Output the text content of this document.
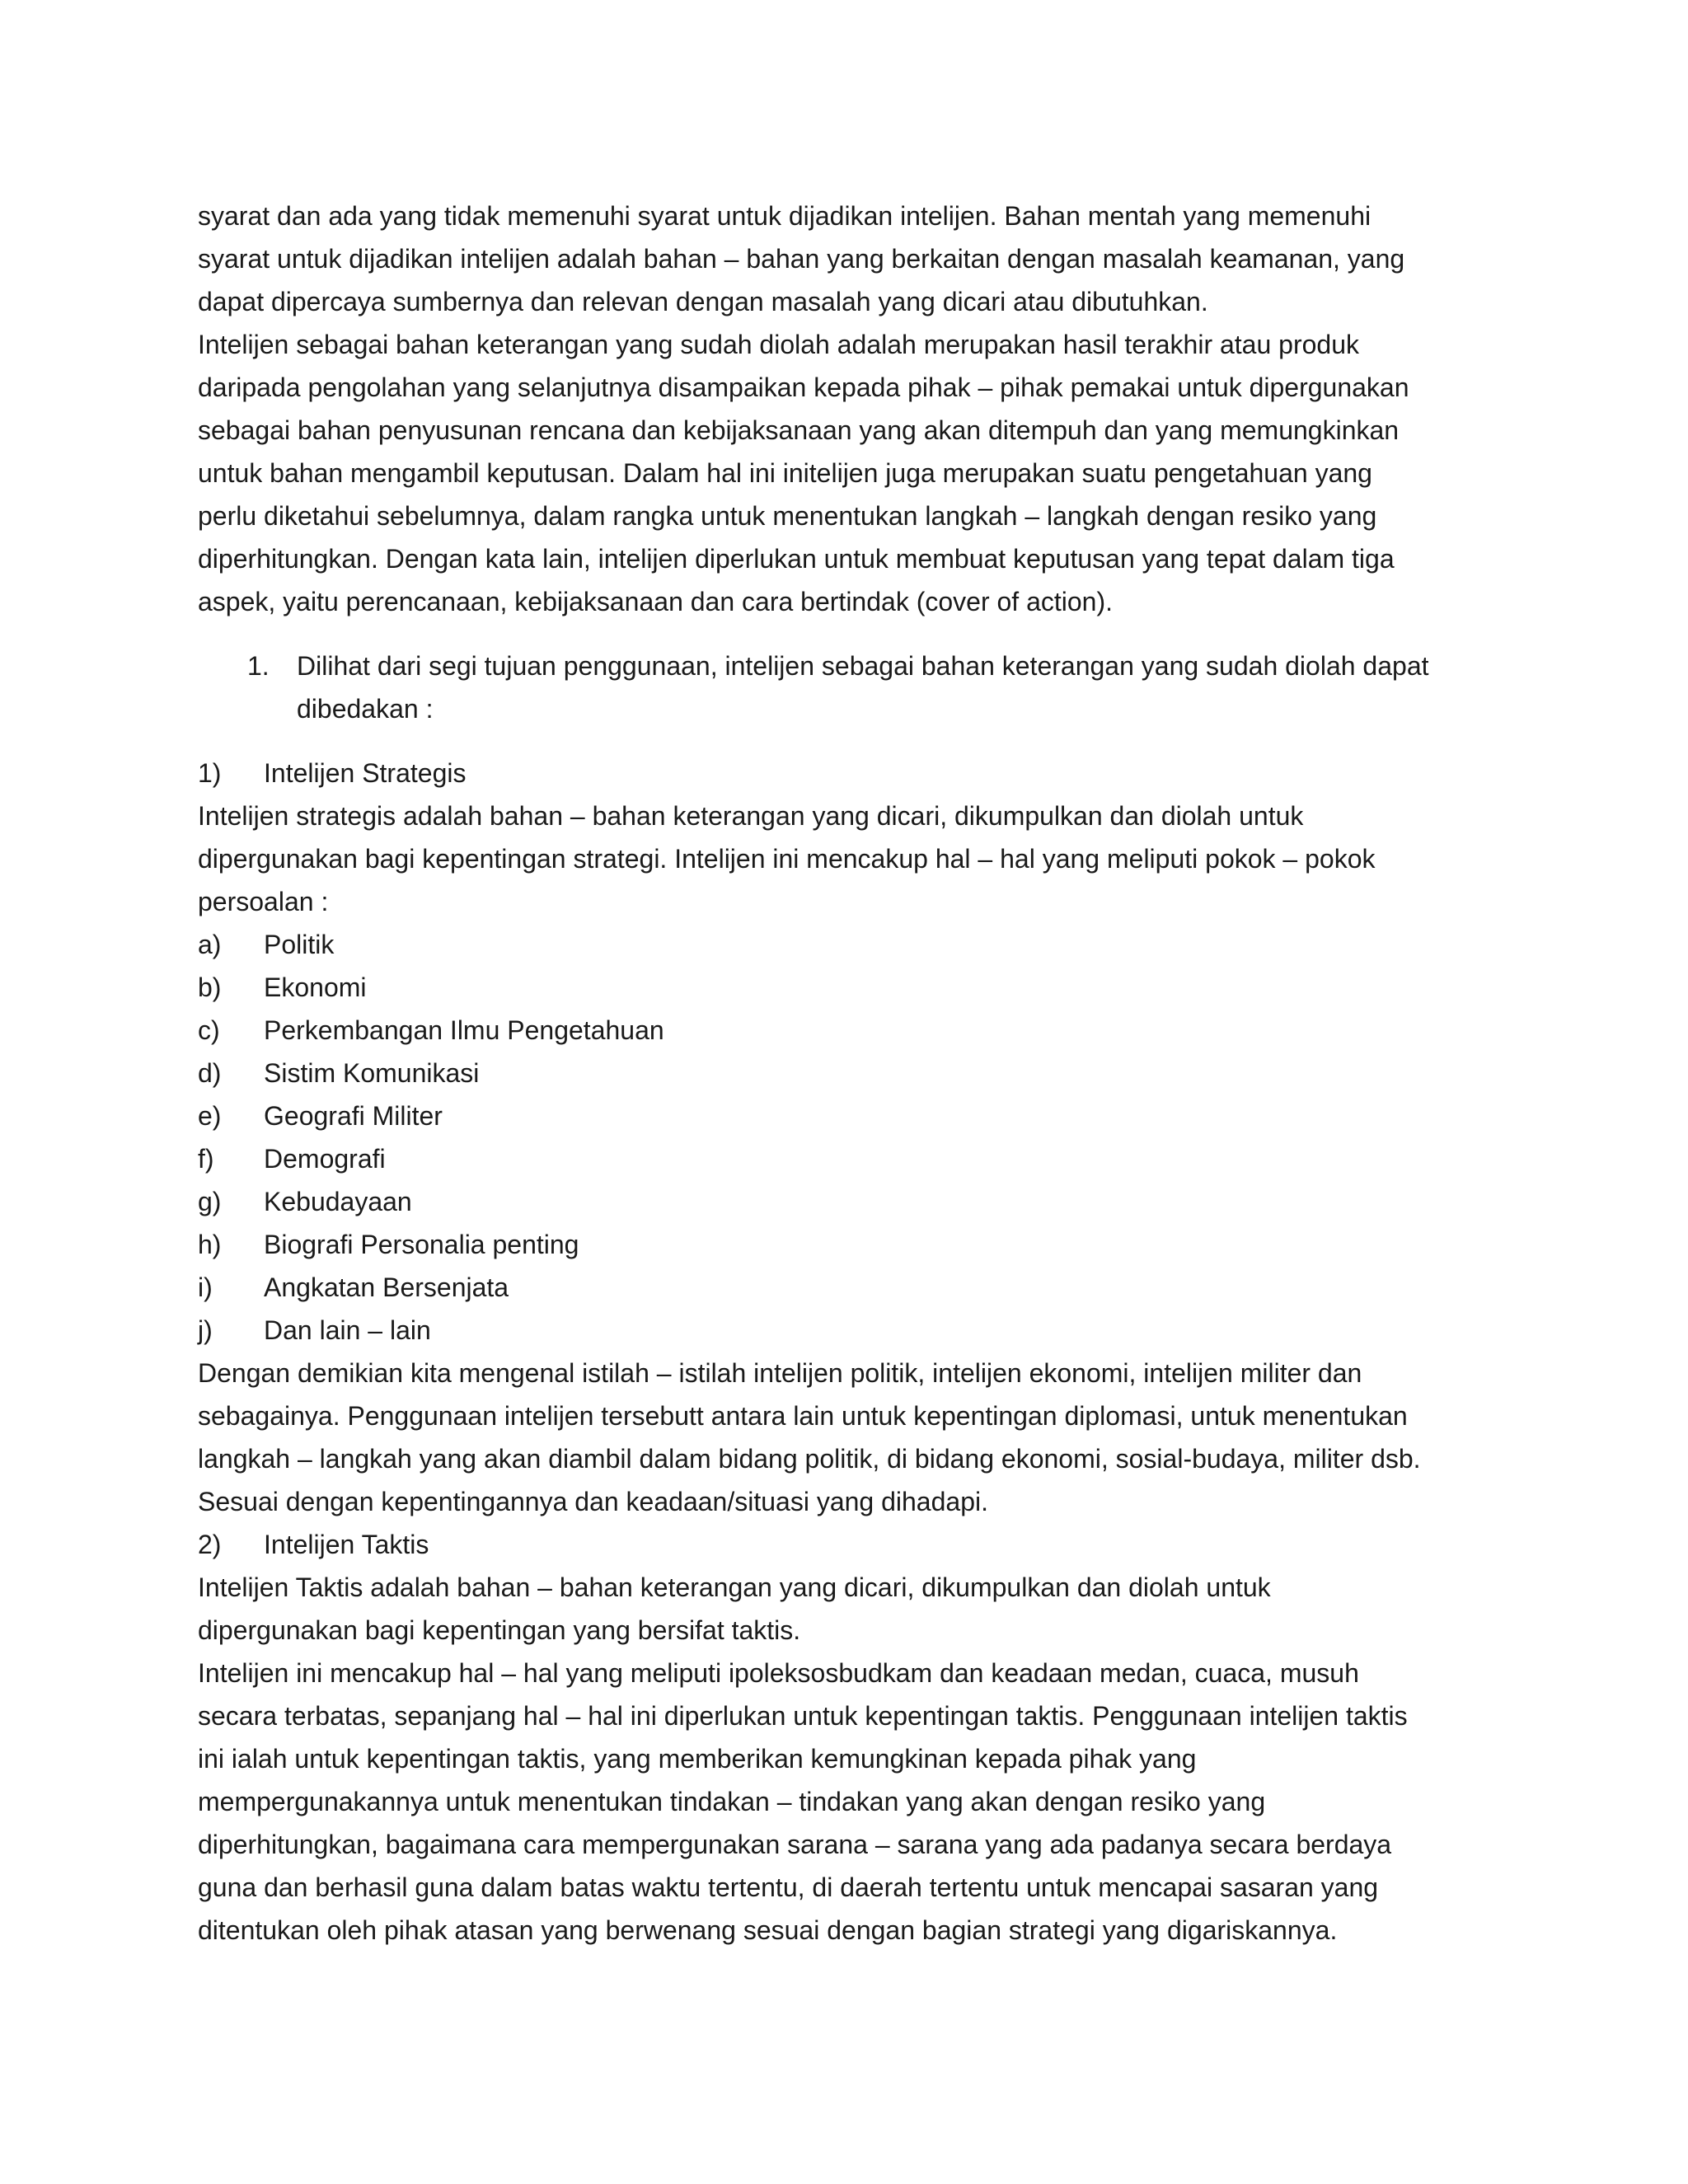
syarat dan ada yang tidak memenuhi syarat untuk dijadikan intelijen. Bahan mentah yang memenuhi
syarat untuk dijadikan intelijen adalah bahan – bahan yang berkaitan dengan masalah keamanan, yang
dapat dipercaya sumbernya dan relevan dengan masalah yang dicari atau dibutuhkan.
Intelijen sebagai bahan keterangan yang sudah diolah adalah merupakan hasil terakhir atau produk
daripada pengolahan yang selanjutnya disampaikan kepada pihak – pihak pemakai untuk dipergunakan
sebagai bahan penyusunan rencana dan kebijaksanaan yang akan ditempuh dan yang memungkinkan
untuk bahan mengambil keputusan. Dalam hal ini initelijen juga merupakan suatu pengetahuan yang
perlu diketahui sebelumnya, dalam rangka untuk menentukan langkah – langkah dengan resiko yang
diperhitungkan. Dengan kata lain, intelijen diperlukan untuk membuat keputusan yang tepat dalam tiga
aspek, yaitu perencanaan, kebijaksanaan dan cara bertindak (cover of action).
1. Dilihat dari segi tujuan penggunaan, intelijen sebagai bahan keterangan yang sudah diolah dapat
dibedakan :
1) Intelijen Strategis
Intelijen strategis adalah bahan – bahan keterangan yang dicari, dikumpulkan dan diolah untuk
dipergunakan bagi kepentingan strategi. Intelijen ini mencakup hal – hal yang meliputi pokok – pokok
persoalan :
a) Politik
b) Ekonomi
c) Perkembangan Ilmu Pengetahuan
d) Sistim Komunikasi
e) Geografi Militer
f) Demografi
g) Kebudayaan
h) Biografi Personalia penting
i) Angkatan Bersenjata
j) Dan lain – lain
Dengan demikian kita mengenal istilah – istilah intelijen politik, intelijen ekonomi, intelijen militer dan
sebagainya. Penggunaan intelijen tersebutt antara lain untuk kepentingan diplomasi, untuk menentukan
langkah – langkah yang akan diambil dalam bidang politik, di bidang ekonomi, sosial-budaya, militer dsb.
Sesuai dengan kepentingannya dan keadaan/situasi yang dihadapi.
2) Intelijen Taktis
Intelijen Taktis adalah bahan – bahan keterangan yang dicari, dikumpulkan dan diolah untuk
dipergunakan bagi kepentingan yang bersifat taktis.
Intelijen ini mencakup hal – hal yang meliputi ipoleksosbudkam dan keadaan medan, cuaca, musuh
secara terbatas, sepanjang hal – hal ini diperlukan untuk kepentingan taktis. Penggunaan intelijen taktis
ini ialah untuk kepentingan taktis, yang memberikan kemungkinan kepada pihak yang
mempergunakannya untuk menentukan tindakan – tindakan yang akan dengan resiko yang
diperhitungkan, bagaimana cara mempergunakan sarana – sarana yang ada padanya secara berdaya
guna dan berhasil guna dalam batas waktu tertentu, di daerah tertentu untuk mencapai sasaran yang
ditentukan oleh pihak atasan yang berwenang sesuai dengan bagian strategi yang digariskannya.
